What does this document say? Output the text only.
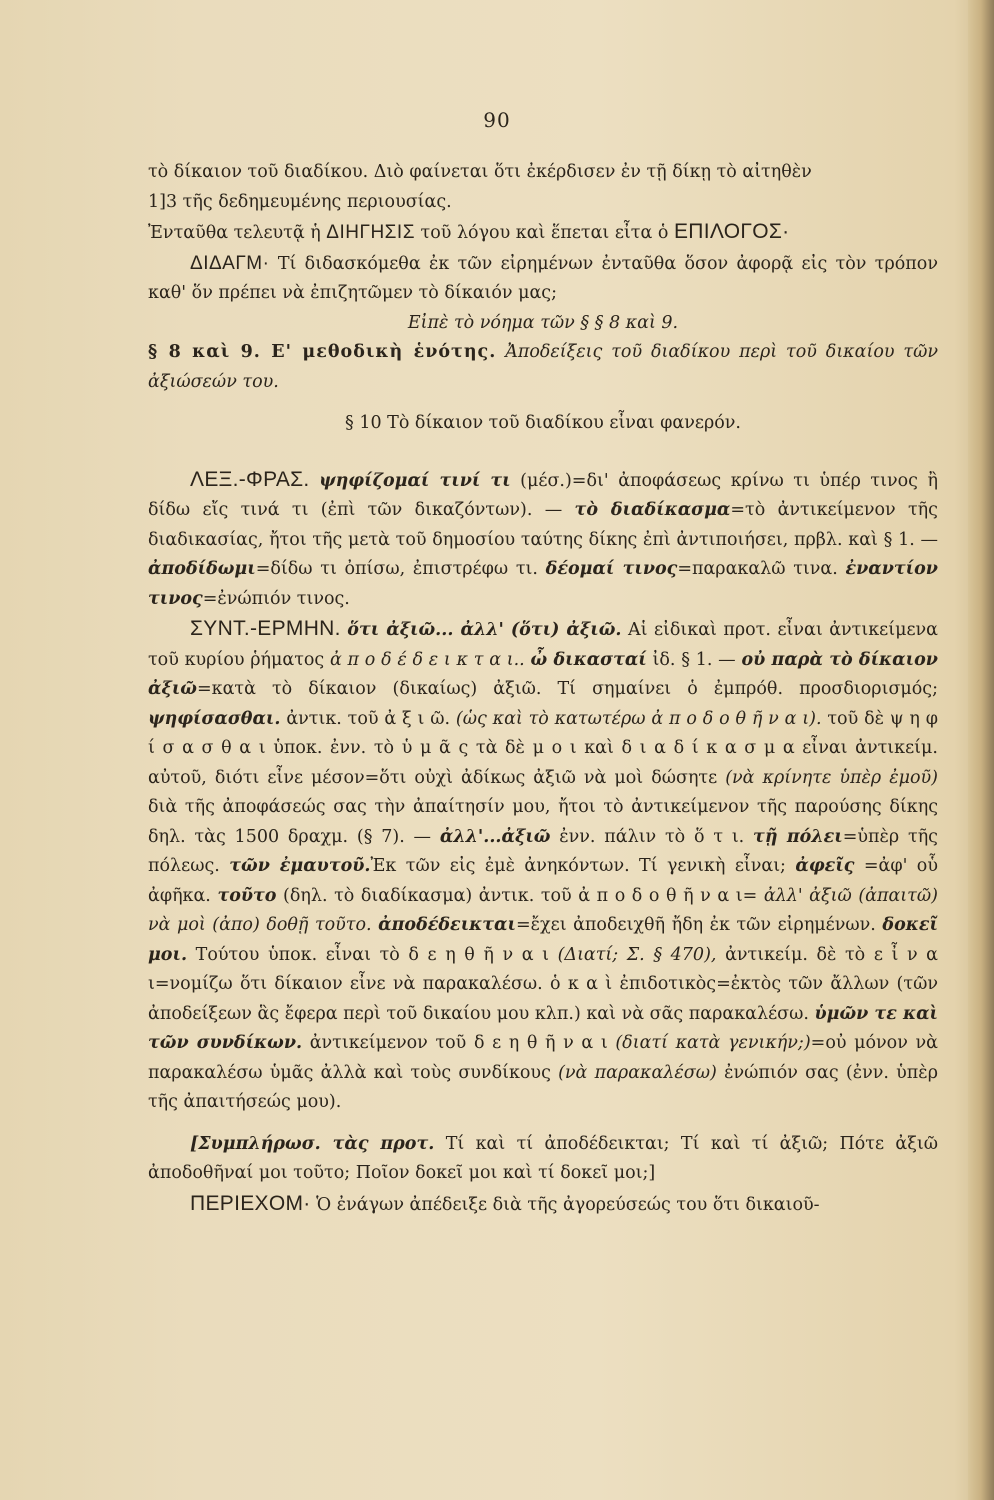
90

τὸ δίκαιον τοῦ διαδίκου. Διὸ φαίνεται ὅτι ἐκέρδισεν ἐν τῇ δίκῃ τὸ αἰτηθὲν

1]3 τῆς δεδημευμένης περιουσίας.

Ἐνταῦθα τελευτᾷ ἡ ΔΙΗΓΗΣΙΣ τοῦ λόγου καὶ ἕπεται εἶτα ὁ ΕΠΙΛΟΓΟΣ·

ΔΙΔΑΓΜ· Τί διδασκόμεθα ἐκ τῶν εἰρημένων ἐνταῦθα ὅσον ἀφορᾷ εἰς τὸν τρόπον καθ' ὅν πρέπει νὰ ἐπιζητῶμεν τὸ δίκαιόν μας;

Εἰπὲ τὸ νόημα τῶν § § 8 καὶ 9.

§ 8 καὶ 9. Ε' μεθοδικὴ ἑνότης. Ἀποδείξεις τοῦ διαδίκου περὶ τοῦ δικαίου τῶν ἀξιώσεών του.

§ 10 Τὸ δίκαιον τοῦ διαδίκου εἶναι φανερόν.

ΛΕΞ.-ΦΡΑΣ. ψηφίζομαί τινί τι (μέσ.)=δι' ἀποφάσεως κρίνω τι ὑπέρ τινος ἢ δίδω εἴς τινά τι (ἐπὶ τῶν δικαζόντων). — τὸ διαδίκασμα=τὸ ἀντικείμενον τῆς διαδικασίας, ἤτοι τῆς μετὰ τοῦ δημοσίου ταύτης δίκης ἐπὶ ἀντιποιήσει, πρβλ. καὶ § 1. — ἀποδίδωμι=δίδω τι ὀπίσω, ἐπιστρέφω τι. δέομαί τινος=παρακαλῶ τινα. ἐναντίον τινος=ἐνώπιόν τινος.

ΣΥΝΤ.-ΕΡΜΗΝ. ὅτι ἀξιῶ... ἀλλ' (ὅτι) ἀξιῶ. Αἱ εἰδικαὶ προτ. εἶναι ἀντικείμενα τοῦ κυρίου ῥήματος ἀ π ο δ έ δ ε ι κ τ α ι.. ὦ δικασταί ἰδ. § 1. — οὐ παρὰ τὸ δίκαιον ἀξιῶ=κατὰ τὸ δίκαιον (δικαίως) ἀξιῶ. Τί σημαίνει ὁ ἐμπρόθ. προσδιορισμός; ψηφίσασθαι. ἀντικ. τοῦ ἀ ξ ι ῶ. (ὡς καὶ τὸ κατωτέρω ἀ π ο δ ο θ ῆ ν α ι). τοῦ δὲ ψ η φ ί σ α σ θ α ι ὑποκ. ἐνν. τὸ ὑ μ ᾶ ς τὰ δὲ μ ο ι καὶ δ ι α δ ί κ α σ μ α εἶναι ἀντικείμ. αὐτοῦ, διότι εἶνε μέσον=ὅτι οὐχὶ ἀδίκως ἀξιῶ νὰ μοὶ δώσητε (νὰ κρίνητε ὑπὲρ ἐμοῦ) διὰ τῆς ἀποφάσεώς σας τὴν ἀπαίτησίν μου, ἤτοι τὸ ἀντικείμενον τῆς παρούσης δίκης δηλ. τὰς 1500 δραχμ. (§ 7). — ἀλλ'...ἀξιῶ ἐνν. πάλιν τὸ ὅ τ ι. τῇ πόλει=ὑπὲρ τῆς πόλεως. τῶν ἐμαυτοῦ.Ἐκ τῶν εἰς ἐμὲ ἀνηκόντων. Τί γενικὴ εἶναι; ἀφεῖς =ἀφ' οὗ ἀφῆκα. τοῦτο (δηλ. τὸ διαδίκασμα) ἀντικ. τοῦ ἀ π ο δ ο θ ῆ ν α ι= ἀλλ' ἀξιῶ (ἀπαιτῶ) νὰ μοὶ (ἀπο) δοθῇ τοῦτο. ἀποδέδεικται=ἔχει ἀποδειχθῆ ἤδη ἐκ τῶν εἰρημένων. δοκεῖ μοι. Τούτου ὑποκ. εἶναι τὸ δ ε η θ ῆ ν α ι (Διατί; Σ. § 470), ἀντικείμ. δὲ τὸ ε ἶ ν α ι=νομίζω ὅτι δίκαιον εἶνε νὰ παρακαλέσω. ὁ κ α ὶ ἐπιδοτικὸς=ἐκτὸς τῶν ἄλλων (τῶν ἀποδείξεων ἃς ἔφερα περὶ τοῦ δικαίου μου κλπ.) καὶ νὰ σᾶς παρακαλέσω. ὑμῶν τε καὶ τῶν συνδίκων. ἀντικείμενον τοῦ δ ε η θ ῆ ν α ι (διατί κατὰ γενικήν;)=οὐ μόνον νὰ παρακαλέσω ὑμᾶς ἀλλὰ καὶ τοὺς συνδίκους (νὰ παρακαλέσω) ἐνώπιόν σας (ἐνν. ὑπὲρ τῆς ἀπαιτήσεώς μου).

[Συμπλήρωσ. τὰς προτ. Τί καὶ τί ἀποδέδεικται; Τί καὶ τί ἀξιῶ; Πότε ἀξιῶ ἀποδοθῆναί μοι τοῦτο; Ποῖον δοκεῖ μοι καὶ τί δοκεῖ μοι;]

ΠΕΡΙΕΧΟΜ· Ὁ ἐνάγων ἀπέδειξε διὰ τῆς ἀγορεύσεώς του ὅτι δικαιοῦ-
